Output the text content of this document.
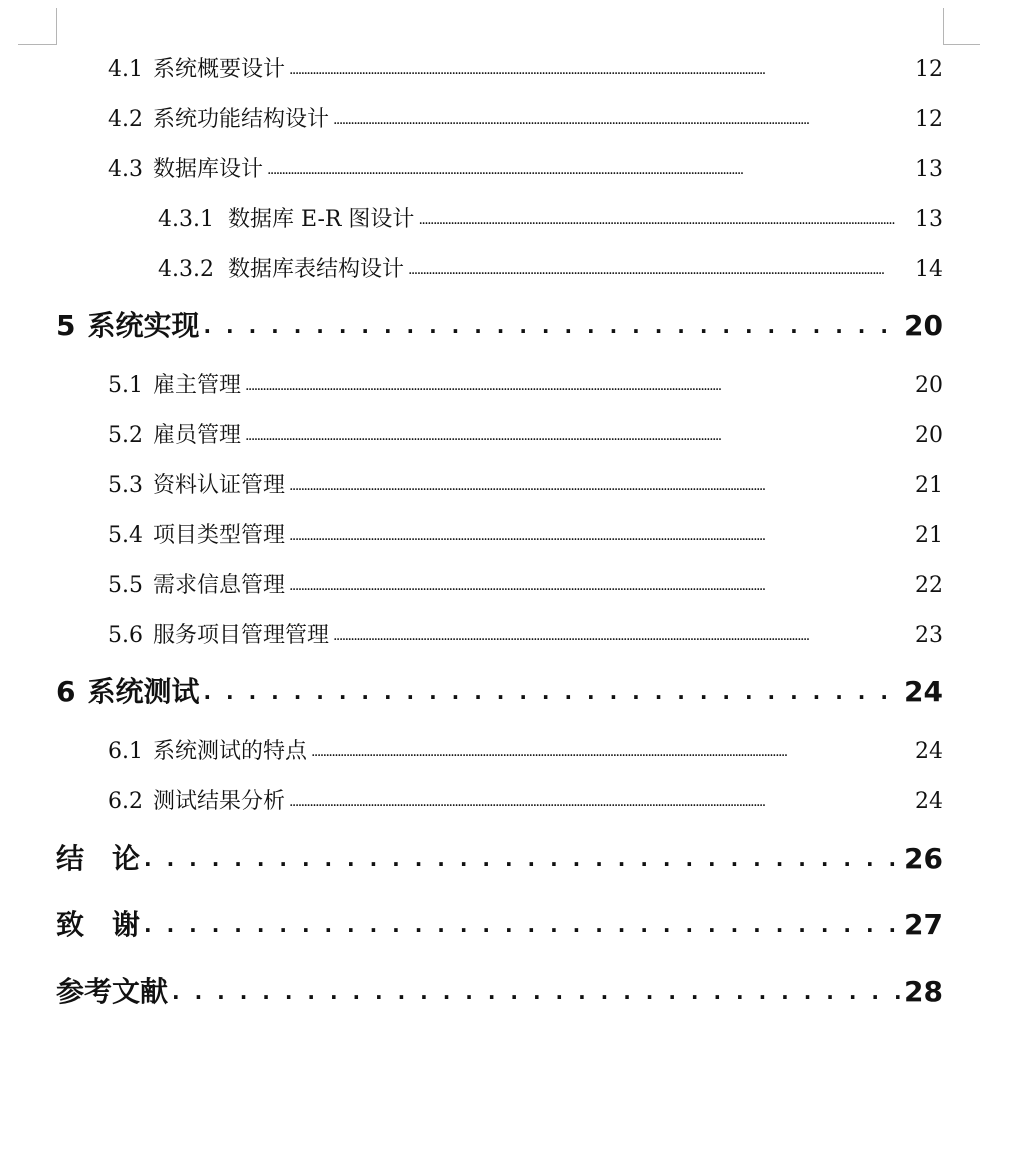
4.1 系统概要设计 . . .	12
4.2 系统功能结构设计 . . .	12
4.3 数据库设计 . . .	13
4.3.1 数据库 E-R 图设计 . . .	13
4.3.2 数据库表结构设计 . . .	14
5 系统实现 . . .	20
5.1 雇主管理 . . .	20
5.2 雇员管理 . . .	20
5.3 资料认证管理 . . .	21
5.4 项目类型管理 . . .	21
5.5 需求信息管理 . . .	22
5.6 服务项目管理管理 . . .	23
6 系统测试 . . .	24
6.1 系统测试的特点 . . .	24
6.2 测试结果分析 . . .	24
结　论 . . .	26
致　谢 . . .	27
参考文献 . . .	28
